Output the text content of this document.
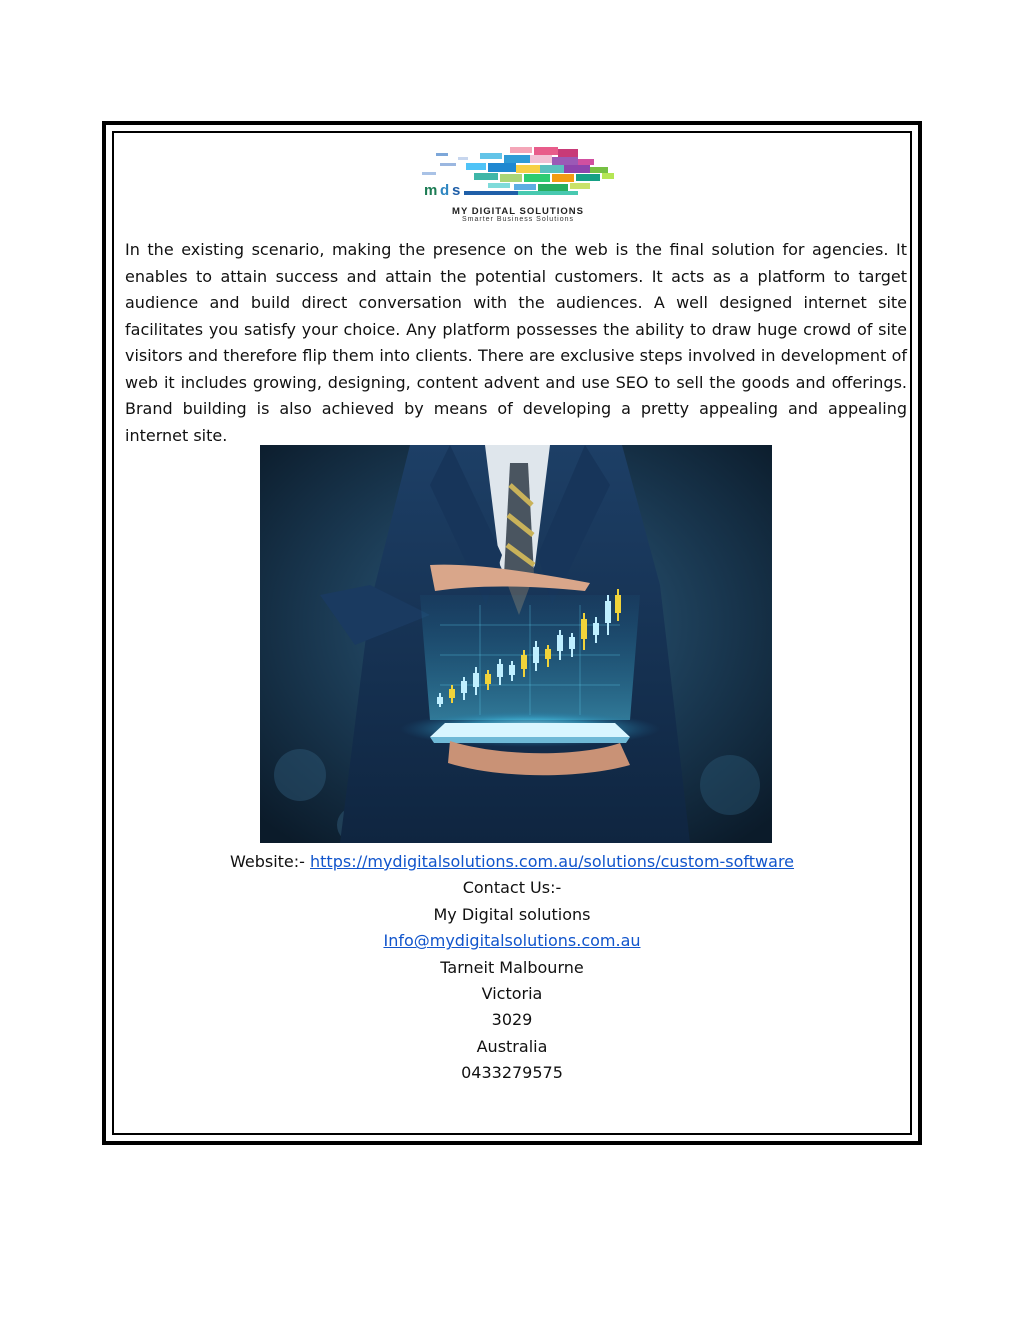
m d s
MY DIGITAL SOLUTIONS
Smarter Business Solutions

In the existing scenario, making the presence on the web is the final solution for agencies. It enables to attain success and attain the potential customers. It acts as a platform to target audience and build direct conversation with the audiences. A well designed internet site facilitates you satisfy your choice. Any platform possesses the ability to draw huge crowd of site visitors and therefore flip them into clients. There are exclusive steps involved in development of web it includes growing, designing, content advent and use SEO to sell the goods and offerings. Brand building is also achieved by means of developing a pretty appealing and appealing internet site.

Website:- https://mydigitalsolutions.com.au/solutions/custom-software
Contact Us:-
My Digital solutions
Info@mydigitalsolutions.com.au
Tarneit Malbourne
Victoria
3029
Australia
0433279575
